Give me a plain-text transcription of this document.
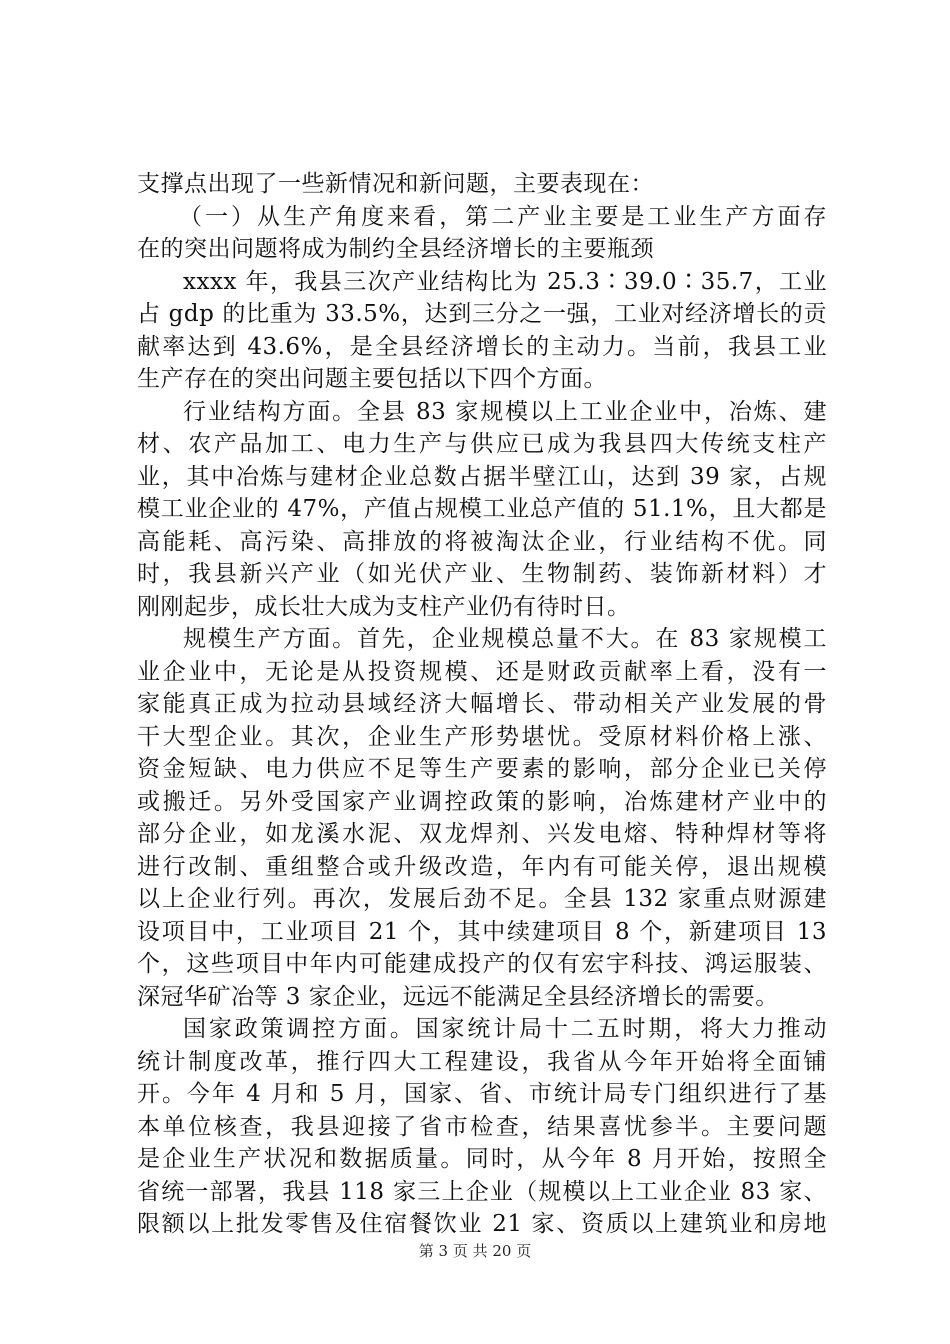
支撑点出现了一些新情况和新问题，主要表现在：
（一）从生产角度来看，第二产业主要是工业生产方面存
在的突出问题将成为制约全县经济增长的主要瓶颈
xxxx 年，我县三次产业结构比为 25.3∶39.0∶35.7，工业
占 gdp 的比重为 33.5%，达到三分之一强，工业对经济增长的贡
献率达到 43.6%，是全县经济增长的主动力。当前，我县工业
生产存在的突出问题主要包括以下四个方面。
行业结构方面。全县 83 家规模以上工业企业中，冶炼、建
材、农产品加工、电力生产与供应已成为我县四大传统支柱产
业，其中冶炼与建材企业总数占据半壁江山，达到 39 家，占规
模工业企业的 47%，产值占规模工业总产值的 51.1%，且大都是
高能耗、高污染、高排放的将被淘汰企业，行业结构不优。同
时，我县新兴产业（如光伏产业、生物制药、装饰新材料）才
刚刚起步，成长壮大成为支柱产业仍有待时日。
规模生产方面。首先，企业规模总量不大。在 83 家规模工
业企业中，无论是从投资规模、还是财政贡献率上看，没有一
家能真正成为拉动县域经济大幅增长、带动相关产业发展的骨
干大型企业。其次，企业生产形势堪忧。受原材料价格上涨、
资金短缺、电力供应不足等生产要素的影响，部分企业已关停
或搬迁。另外受国家产业调控政策的影响，冶炼建材产业中的
部分企业，如龙溪水泥、双龙焊剂、兴发电熔、特种焊材等将
进行改制、重组整合或升级改造，年内有可能关停，退出规模
以上企业行列。再次，发展后劲不足。全县 132 家重点财源建
设项目中，工业项目 21 个，其中续建项目 8 个，新建项目 13
个，这些项目中年内可能建成投产的仅有宏宇科技、鸿运服装、
深冠华矿冶等 3 家企业，远远不能满足全县经济增长的需要。
国家政策调控方面。国家统计局十二五时期，将大力推动
统计制度改革，推行四大工程建设，我省从今年开始将全面铺
开。今年 4 月和 5 月，国家、省、市统计局专门组织进行了基
本单位核查，我县迎接了省市检查，结果喜忧参半。主要问题
是企业生产状况和数据质量。同时，从今年 8 月开始，按照全
省统一部署，我县 118 家三上企业（规模以上工业企业 83 家、
限额以上批发零售及住宿餐饮业 21 家、资质以上建筑业和房地
第 3 页 共 20 页
